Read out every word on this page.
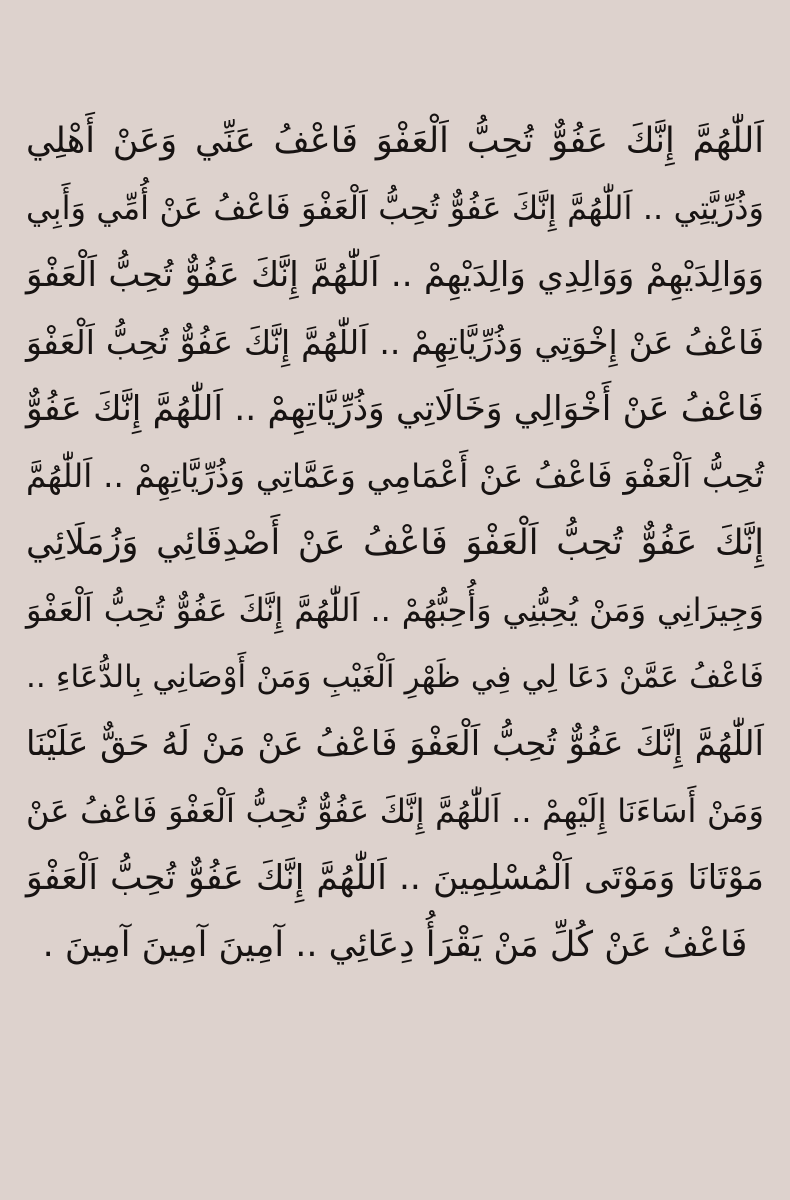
اَللّٰهُمَّ إِنَّكَ عَفُوٌّ تُحِبُّ اَلْعَفْوَ فَاعْفُ عَنِّي وَعَنْ أَهْلِي
وَذُرِّيَّتِي .. اَللّٰهُمَّ إِنَّكَ عَفُوٌّ تُحِبُّ اَلْعَفْوَ فَاعْفُ عَنْ أُمِّي وَأَبِي
وَوَالِدَيْهِمْ وَوَالِدِي وَالِدَيْهِمْ .. اَللّٰهُمَّ إِنَّكَ عَفُوٌّ تُحِبُّ اَلْعَفْوَ
فَاعْفُ عَنْ إِخْوَتِي وَذُرِّيَّاتِهِمْ .. اَللّٰهُمَّ إِنَّكَ عَفُوٌّ تُحِبُّ اَلْعَفْوَ
فَاعْفُ عَنْ أَخْوَالِي وَخَالَاتِي وَذُرِّيَّاتِهِمْ .. اَللّٰهُمَّ إِنَّكَ عَفُوٌّ
تُحِبُّ اَلْعَفْوَ فَاعْفُ عَنْ أَعْمَامِي وَعَمَّاتِي وَذُرِّيَّاتِهِمْ .. اَللّٰهُمَّ
إِنَّكَ عَفُوٌّ تُحِبُّ اَلْعَفْوَ فَاعْفُ عَنْ أَصْدِقَائِي وَزُمَلَائِي
وَجِيرَانِي وَمَنْ يُحِبُّنِي وَأُحِبُّهُمْ .. اَللّٰهُمَّ إِنَّكَ عَفُوٌّ تُحِبُّ اَلْعَفْوَ
فَاعْفُ عَمَّنْ دَعَا لِي فِي ظَهْرِ اَلْغَيْبِ وَمَنْ أَوْصَانِي بِالدُّعَاءِ ..
اَللّٰهُمَّ إِنَّكَ عَفُوٌّ تُحِبُّ اَلْعَفْوَ فَاعْفُ عَنْ مَنْ لَهُ حَقٌّ عَلَيْنَا
وَمَنْ أَسَاءَنَا إِلَيْهِمْ .. اَللّٰهُمَّ إِنَّكَ عَفُوٌّ تُحِبُّ اَلْعَفْوَ فَاعْفُ عَنْ
مَوْتَانَا وَمَوْتَى اَلْمُسْلِمِينَ .. اَللّٰهُمَّ إِنَّكَ عَفُوٌّ تُحِبُّ اَلْعَفْوَ
فَاعْفُ عَنْ كُلِّ مَنْ يَقْرَأُ دِعَائِي .. آمِينَ آمِينَ آمِينَ .
